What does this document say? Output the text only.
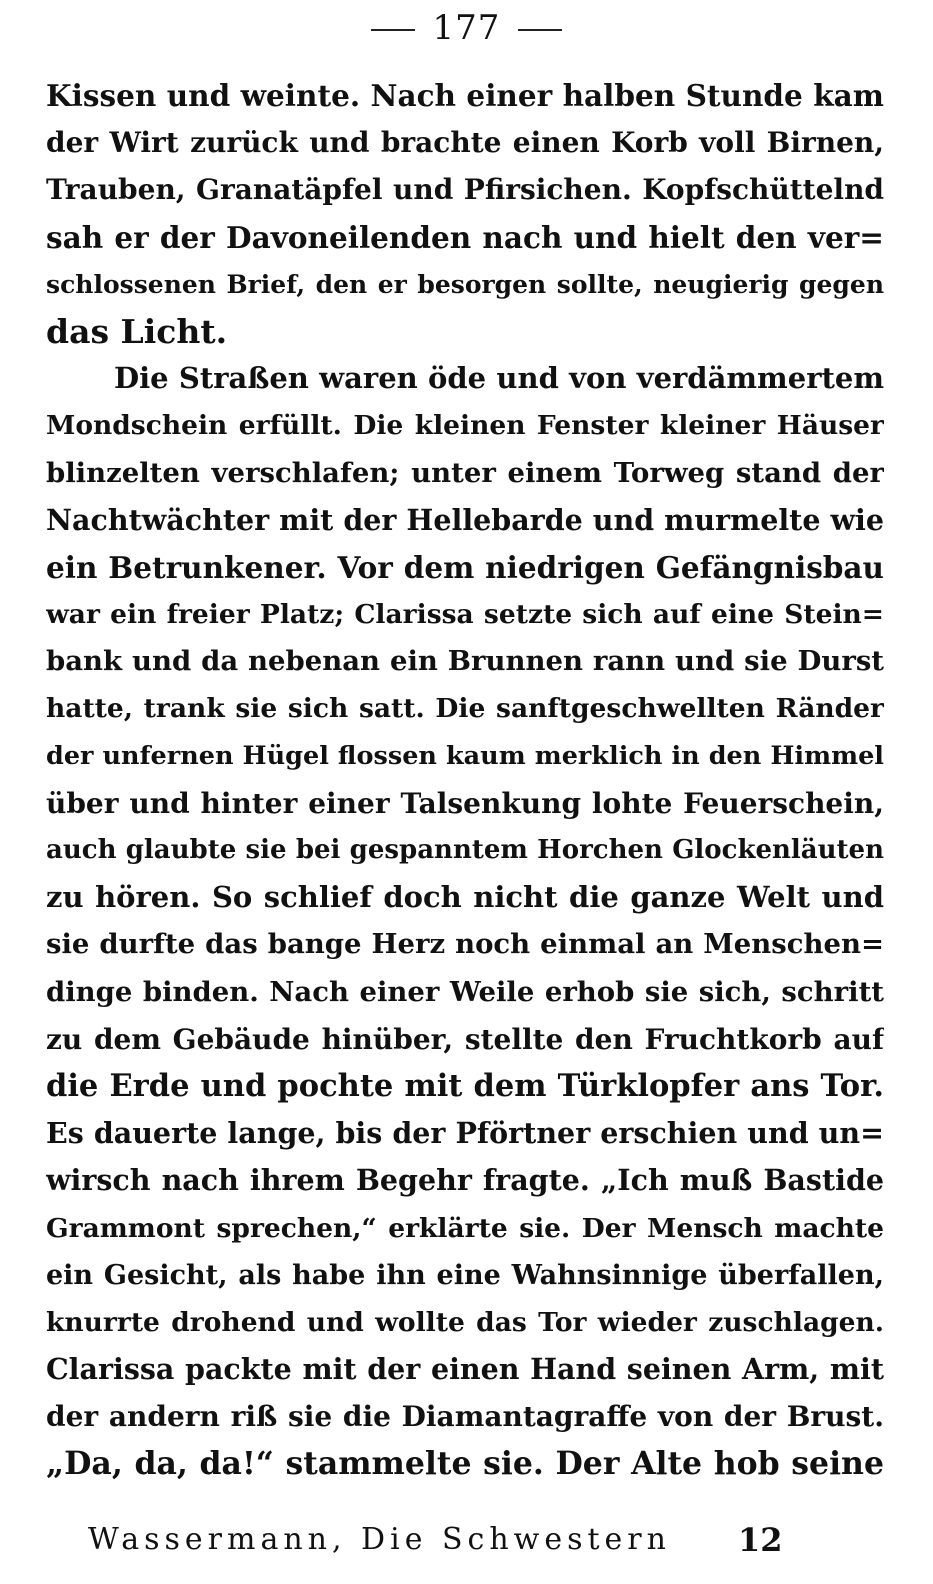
177
Kissen und weinte. Nach einer halben Stunde kam
der Wirt zurück und brachte einen Korb voll Birnen,
Trauben, Granatäpfel und Pfirsichen. Kopfschüttelnd
sah er der Davoneilenden nach und hielt den ver=
schlossenen Brief, den er besorgen sollte, neugierig gegen
das Licht.
Die Straßen waren öde und von verdämmertem
Mondschein erfüllt. Die kleinen Fenster kleiner Häuser
blinzelten verschlafen; unter einem Torweg stand der
Nachtwächter mit der Hellebarde und murmelte wie
ein Betrunkener. Vor dem niedrigen Gefängnisbau
war ein freier Platz; Clarissa setzte sich auf eine Stein=
bank und da nebenan ein Brunnen rann und sie Durst
hatte, trank sie sich satt. Die sanftgeschwellten Ränder
der unfernen Hügel flossen kaum merklich in den Himmel
über und hinter einer Talsenkung lohte Feuerschein,
auch glaubte sie bei gespanntem Horchen Glockenläuten
zu hören. So schlief doch nicht die ganze Welt und
sie durfte das bange Herz noch einmal an Menschen=
dinge binden. Nach einer Weile erhob sie sich, schritt
zu dem Gebäude hinüber, stellte den Fruchtkorb auf
die Erde und pochte mit dem Türklopfer ans Tor.
Es dauerte lange, bis der Pförtner erschien und un=
wirsch nach ihrem Begehr fragte. „Ich muß Bastide
Grammont sprechen,“ erklärte sie. Der Mensch machte
ein Gesicht, als habe ihn eine Wahnsinnige überfallen,
knurrte drohend und wollte das Tor wieder zuschlagen.
Clarissa packte mit der einen Hand seinen Arm, mit
der andern riß sie die Diamantagraffe von der Brust.
„Da, da, da!“ stammelte sie. Der Alte hob seine
Wassermann, Die Schwestern 12
